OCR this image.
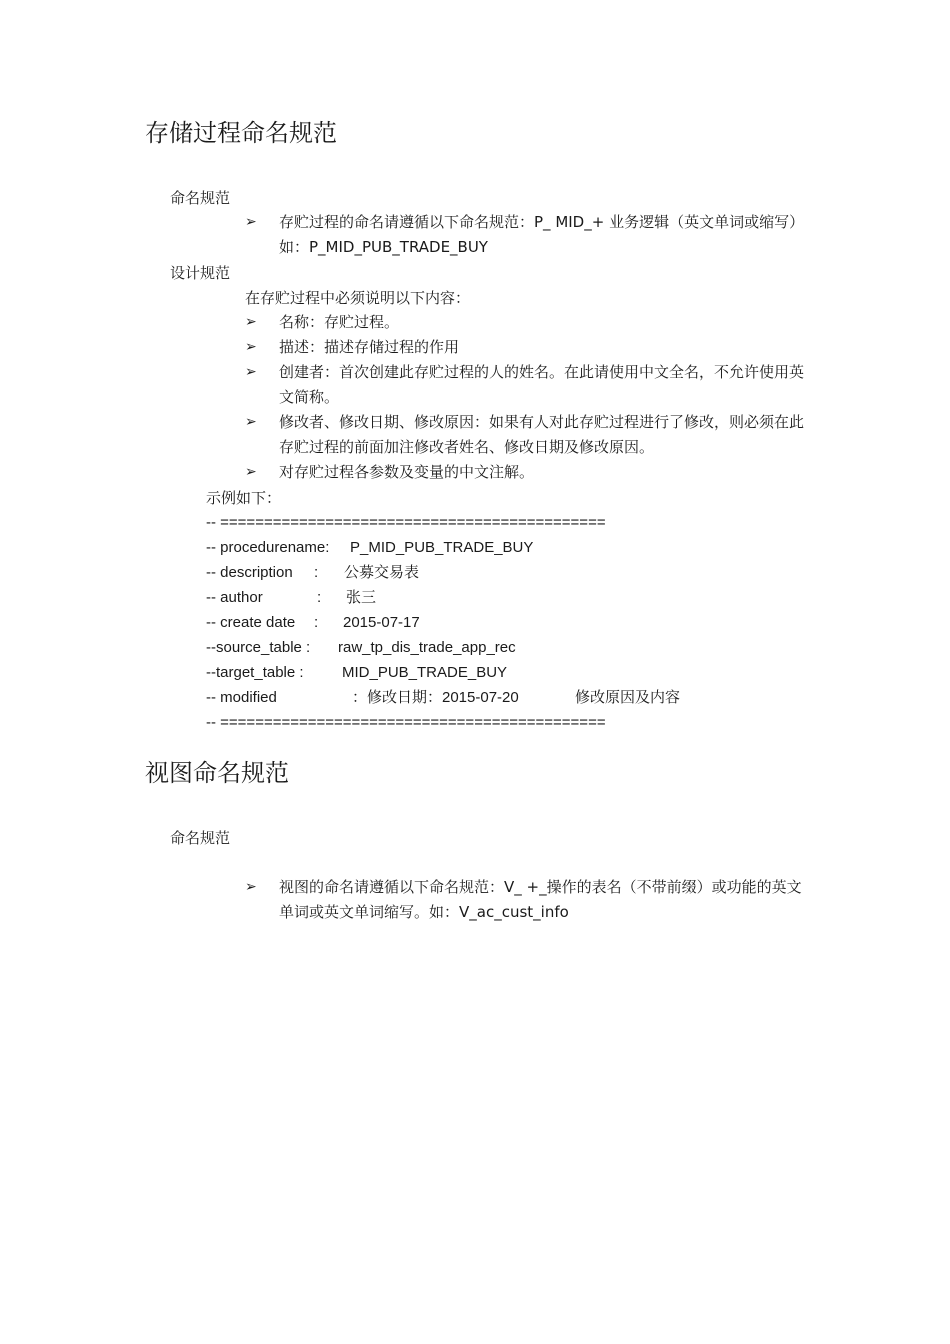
存储过程命名规范
命名规范
➢ 存贮过程的命名请遵循以下命名规范：P_ MID_+ 业务逻辑（英文单词或缩写） 如：P_MID_PUB_TRADE_BUY
设计规范
在存贮过程中必须说明以下内容：
➢ 名称：存贮过程。
➢ 描述：描述存储过程的作用
➢ 创建者：首次创建此存贮过程的人的姓名。在此请使用中文全名，不允许使用英文简称。
➢ 修改者、修改日期、修改原因：如果有人对此存贮过程进行了修改，则必须在此存贮过程的前面加注修改者姓名、修改日期及修改原因。
➢ 对存贮过程各参数及变量的中文注解。
示例如下：
-- ============================================
-- procedurename: P_MID_PUB_TRADE_BUY
-- description : 公募交易表
-- author	: 张三
-- create date : 2015-07-17
--source_table : raw_tp_dis_trade_app_rec
--target_table :	MID_PUB_TRADE_BUY
-- modified	：修改日期：2015-07-20	修改原因及内容
-- ============================================
视图命名规范
命名规范
➢ 视图的命名请遵循以下命名规范：V_ +_操作的表名（不带前缀）或功能的英文单词或英文单词缩写。如：V_ac_cust_info
